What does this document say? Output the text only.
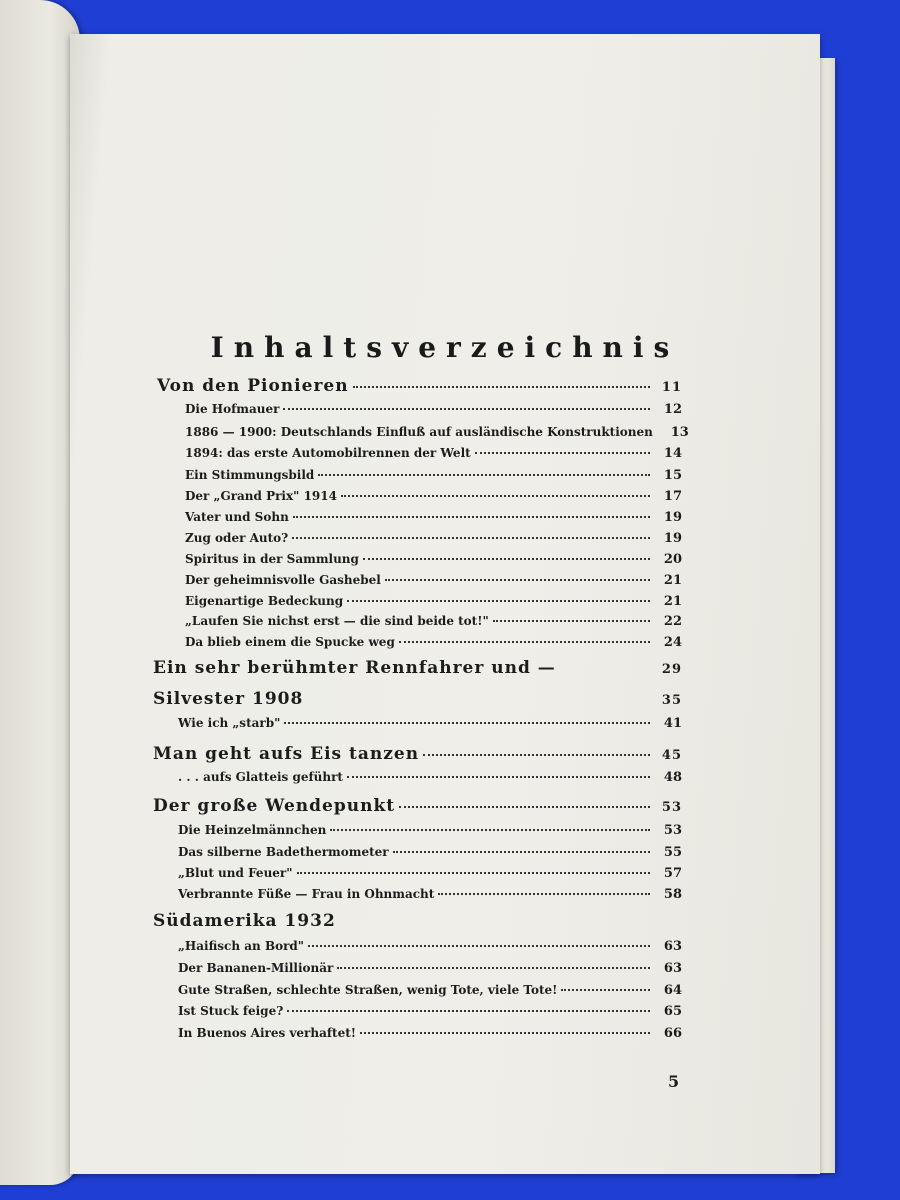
Inhaltsverzeichnis
Von den Pionieren	11
Die Hofmauer	12
1886 — 1900: Deutschlands Einfluß auf ausländische Konstruktionen	13
1894: das erste Automobilrennen der Welt	14
Ein Stimmungsbild	15
Der „Grand Prix" 1914	17
Vater und Sohn	19
Zug oder Auto?	19
Spiritus in der Sammlung	20
Der geheimnisvolle Gashebel	21
Eigenartige Bedeckung	21
„Laufen Sie nichst erst — die sind beide tot!"	22
Da blieb einem die Spucke weg	24
Ein sehr berühmter Rennfahrer und —	29
Silvester 1908	35
Wie ich „starb"	41
Man geht aufs Eis tanzen	45
. . . aufs Glatteis geführt	48
Der große Wendepunkt	53
Die Heinzelmännchen	53
Das silberne Badethermometer	55
„Blut und Feuer"	57
Verbrannte Füße — Frau in Ohnmacht	58
Südamerika 1932
„Haifisch an Bord"	63
Der Bananen-Millionär	63
Gute Straßen, schlechte Straßen, wenig Tote, viele Tote!	64
Ist Stuck feige?	65
In Buenos Aires verhaftet!	66
5
